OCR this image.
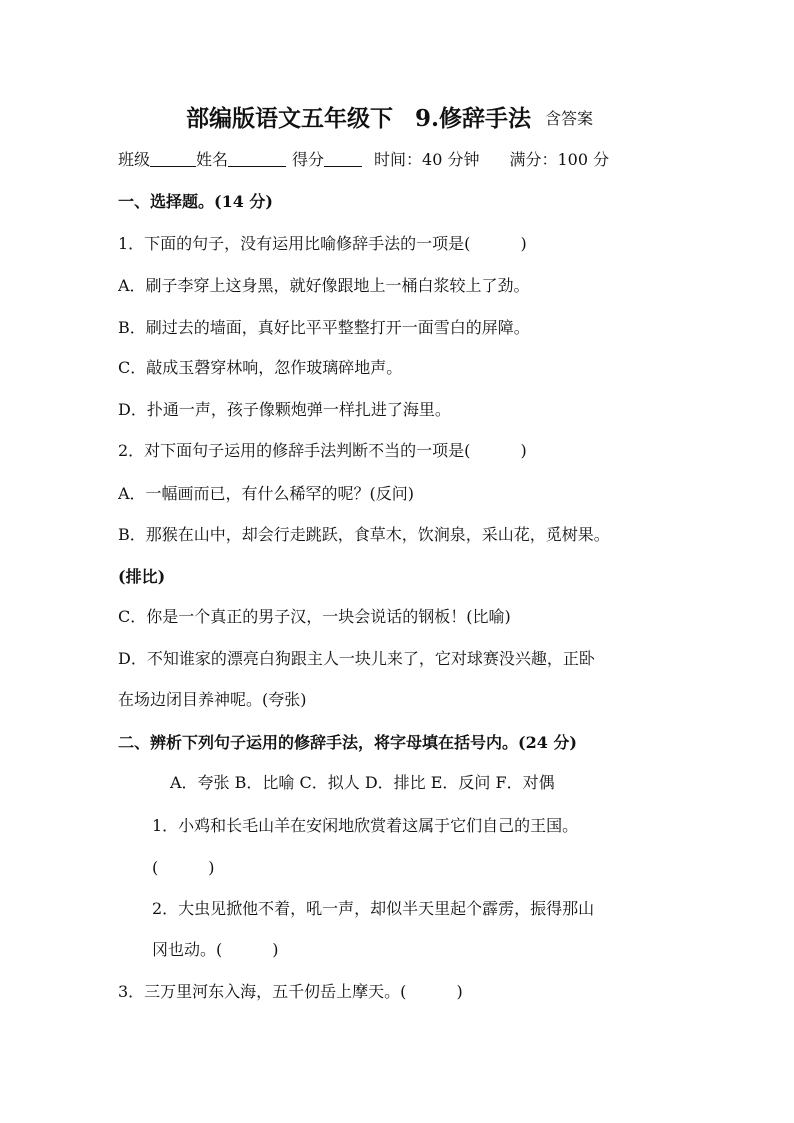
部编版语文五年级下 9.修辞手法 含答案
班级	姓名	得分	时间：40 分钟 满分：100 分
一、选择题。(14 分)
1．下面的句子，没有运用比喻修辞手法的一项是(	)
A．刷子李穿上这身黑，就好像跟地上一桶白浆较上了劲。
B．刷过去的墙面，真好比平平整整打开一面雪白的屏障。
C．敲成玉磬穿林响，忽作玻璃碎地声。
D．扑通一声，孩子像颗炮弹一样扎进了海里。
2．对下面句子运用的修辞手法判断不当的一项是(	)
A．一幅画而已，有什么稀罕的呢？(反问)
B．那猴在山中，却会行走跳跃，食草木，饮涧泉，采山花，觅树果。
(排比)
C．你是一个真正的男子汉，一块会说话的钢板！(比喻)
D．不知谁家的漂亮白狗跟主人一块儿来了，它对球赛没兴趣，正卧
在场边闭目养神呢。(夸张)
二、辨析下列句子运用的修辞手法，将字母填在括号内。(24 分)
A．夸张 B．比喻 C．拟人 D．排比 E．反问 F．对偶
1．小鸡和长毛山羊在安闲地欣赏着这属于它们自己的王国。
(	)
2．大虫见掀他不着，吼一声，却似半天里起个霹雳，振得那山
冈也动。(	)
3．三万里河东入海，五千仞岳上摩天。(	)
